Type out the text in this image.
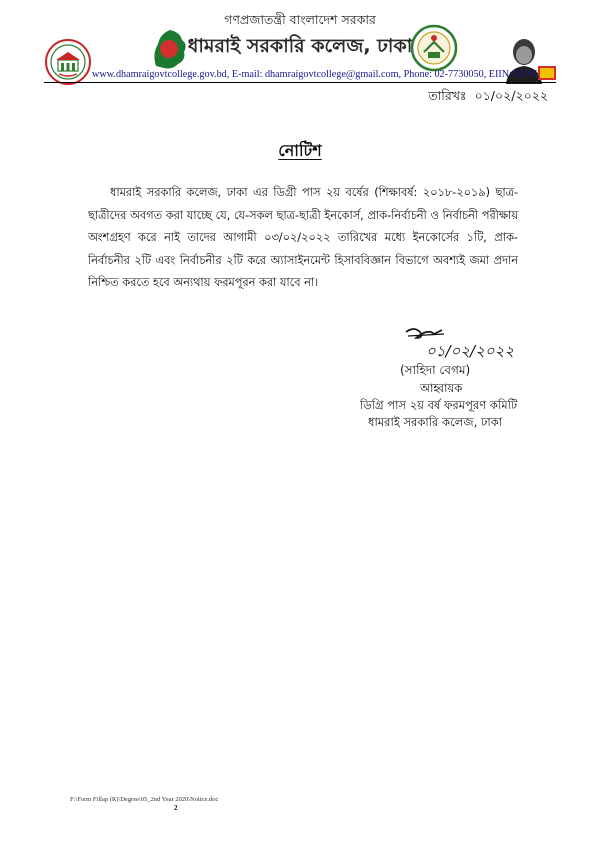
গণপ্রজাতন্ত্রী বাংলাদেশ সরকার
ধামরাই সরকারি কলেজ, ঢাকা
www.dhamraigovtcollege.gov.bd, E-mail: dhamraigovtcollege@gmail.com, Phone: 02-7730050, EIIN:10795,
তারিখঃ ০১/০২/২০২২
নোটিশ

ধামরাই সরকারি কলেজ, ঢাকা এর ডিগ্রী পাস ২য় বর্ষের (শিক্ষাবর্ষ: ২০১৮-২০১৯) ছাত্র-ছাত্রীদের অবগত করা যাচ্ছে যে, যে-সকল ছাত্র-ছাত্রী ইনকোর্স, প্রাক-নির্বাচনী ও নির্বাচনী পরীক্ষায় অংশগ্রহণ করে নাই তাদের আগামী ০৩/০২/২০২২ তারিখের মধ্যে ইনকোর্সের ১টি, প্রাক-নির্বাচনীর ২টি এবং নির্বাচনীর ২টি করে অ্যাসাইনমেন্ট হিসাববিজ্ঞান বিভাগে অবশ্যই জমা প্রদান নিশ্চিত করতে হবে অন্যথায় ফরমপূরন করা যাবে না।

০১/০২/২০২২
(সাহিদা বেগম)
আহ্বায়ক
ডিগ্রি পাস ২য় বর্ষ ফরমপূরণ কমিটি
ধামরাই সরকারি কলেজ, ঢাকা
F:\Form Fillap (R)\Degree\05_2nd Year 2020\Notice.doc
2
